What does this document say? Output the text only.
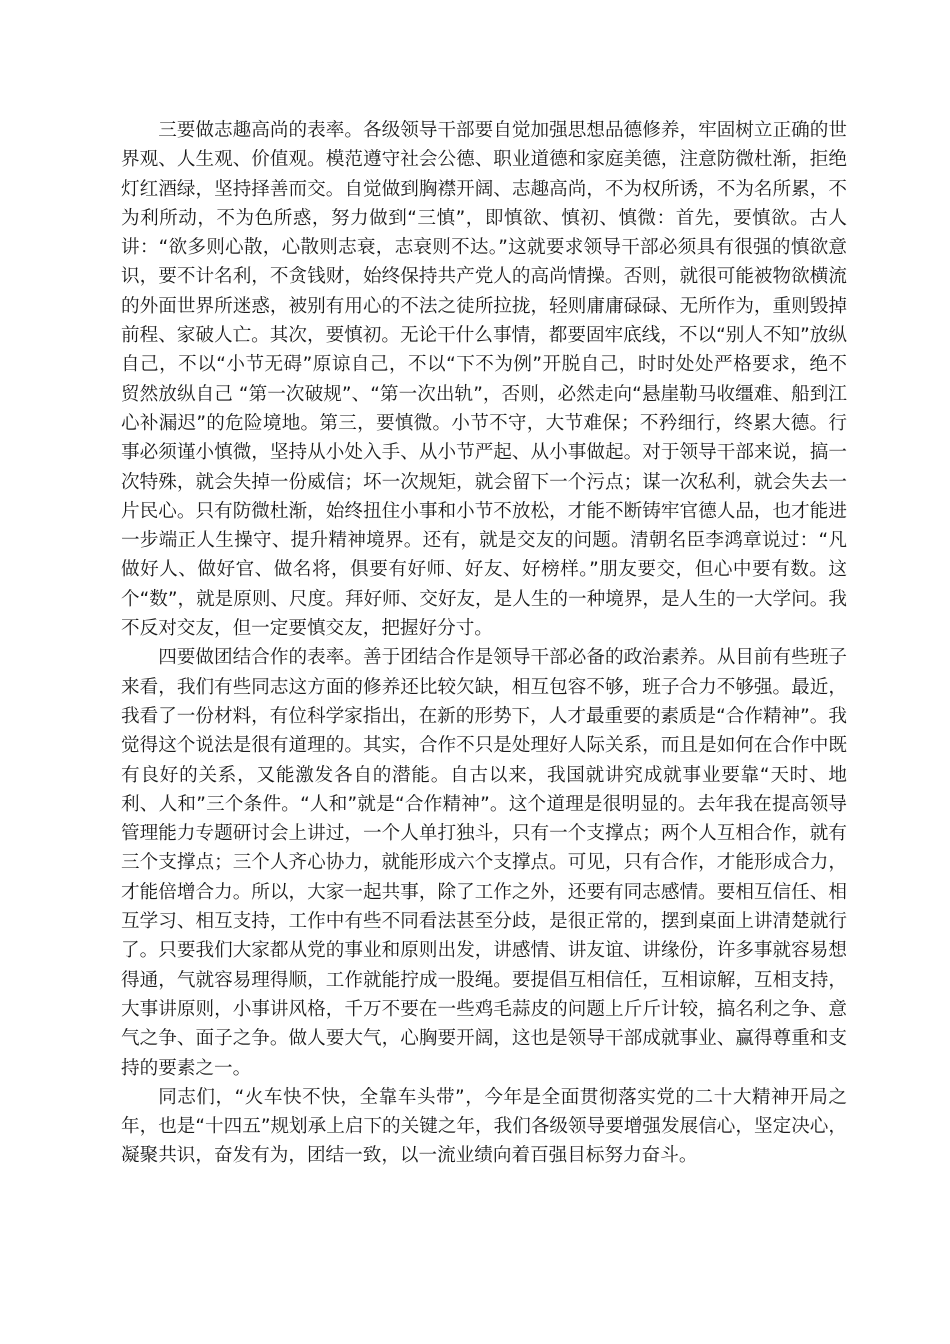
三要做志趣高尚的表率。各级领导干部要自觉加强思想品德修养，牢固树立正确的世界观、人生观、价值观。模范遵守社会公德、职业道德和家庭美德，注意防微杜渐，拒绝灯红酒绿，坚持择善而交。自觉做到胸襟开阔、志趣高尚，不为权所诱，不为名所累，不为利所动，不为色所惑，努力做到“三慎”，即慎欲、慎初、慎微：首先，要慎欲。古人讲：“欲多则心散，心散则志衰，志衰则不达。”这就要求领导干部必须具有很强的慎欲意识，要不计名利，不贪钱财，始终保持共产党人的高尚情操。否则，就很可能被物欲横流的外面世界所迷惑，被别有用心的不法之徒所拉拢，轻则庸庸碌碌、无所作为，重则毁掉前程、家破人亡。其次，要慎初。无论干什么事情，都要固牢底线，不以“别人不知”放纵自己，不以“小节无碍”原谅自己，不以“下不为例”开脱自己，时时处处严格要求，绝不贸然放纵自己 “第一次破规”、“第一次出轨”，否则，必然走向“悬崖勒马收缰难、船到江心补漏迟”的危险境地。第三，要慎微。小节不守，大节难保；不矜细行，终累大德。行事必须谨小慎微，坚持从小处入手、从小节严起、从小事做起。对于领导干部来说，搞一次特殊，就会失掉一份威信；坏一次规矩，就会留下一个污点；谋一次私利，就会失去一片民心。只有防微杜渐，始终扭住小事和小节不放松，才能不断铸牢官德人品，也才能进一步端正人生操守、提升精神境界。还有，就是交友的问题。清朝名臣李鸿章说过：“凡做好人、做好官、做名将，俱要有好师、好友、好榜样。”朋友要交，但心中要有数。这个“数”，就是原则、尺度。拜好师、交好友，是人生的一种境界，是人生的一大学问。我不反对交友，但一定要慎交友，把握好分寸。

四要做团结合作的表率。善于团结合作是领导干部必备的政治素养。从目前有些班子来看，我们有些同志这方面的修养还比较欠缺，相互包容不够，班子合力不够强。最近，我看了一份材料，有位科学家指出，在新的形势下，人才最重要的素质是“合作精神”。我觉得这个说法是很有道理的。其实，合作不只是处理好人际关系，而且是如何在合作中既有良好的关系，又能激发各自的潜能。自古以来，我国就讲究成就事业要靠“天时、地利、人和”三个条件。“人和”就是“合作精神”。这个道理是很明显的。去年我在提高领导管理能力专题研讨会上讲过，一个人单打独斗，只有一个支撑点；两个人互相合作，就有三个支撑点；三个人齐心协力，就能形成六个支撑点。可见，只有合作，才能形成合力，才能倍增合力。所以，大家一起共事，除了工作之外，还要有同志感情。要相互信任、相互学习、相互支持，工作中有些不同看法甚至分歧，是很正常的，摆到桌面上讲清楚就行了。只要我们大家都从党的事业和原则出发，讲感情、讲友谊、讲缘份，许多事就容易想得通，气就容易理得顺，工作就能拧成一股绳。要提倡互相信任，互相谅解，互相支持，大事讲原则，小事讲风格，千万不要在一些鸡毛蒜皮的问题上斤斤计较，搞名利之争、意气之争、面子之争。做人要大气，心胸要开阔，这也是领导干部成就事业、赢得尊重和支持的要素之一。

同志们，“火车快不快，全靠车头带”，今年是全面贯彻落实党的二十大精神开局之年，也是“十四五”规划承上启下的关键之年，我们各级领导要增强发展信心，坚定决心，凝聚共识，奋发有为，团结一致，以一流业绩向着百强目标努力奋斗。
